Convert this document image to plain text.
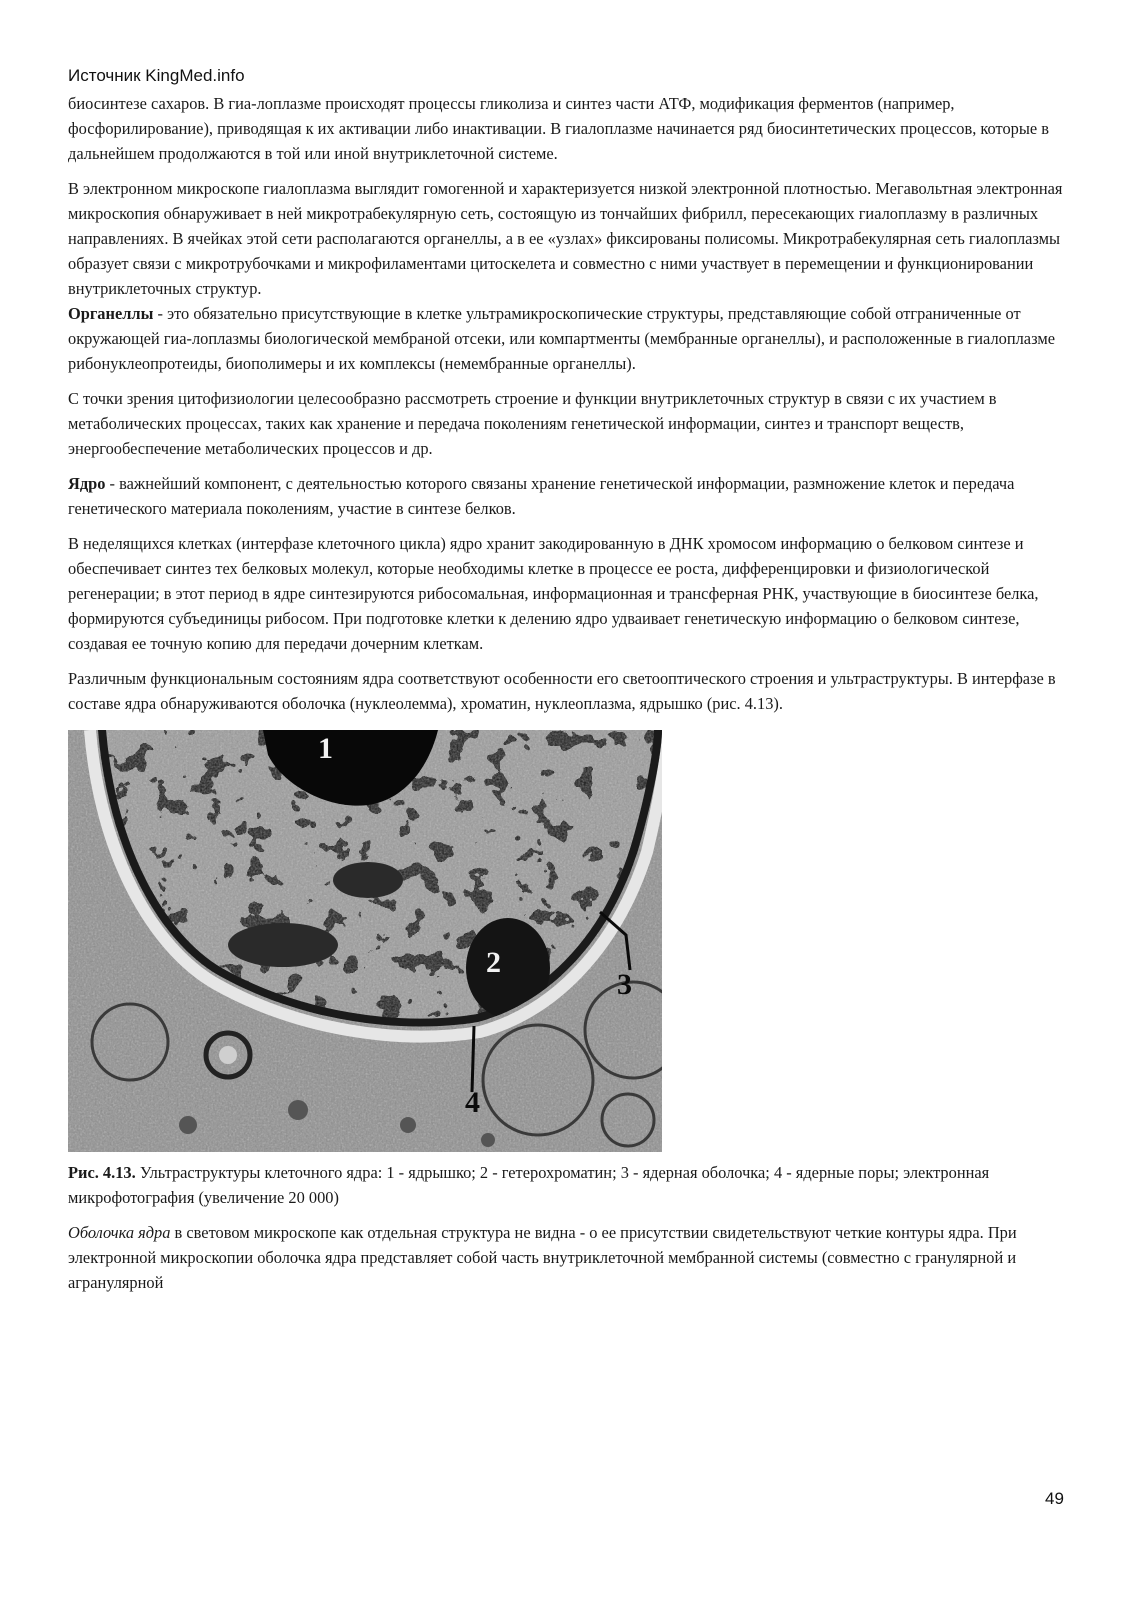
Источник KingMed.info

биосинтезе сахаров. В гиа-лоплазме происходят процессы гликолиза и синтез части АТФ, модификация ферментов (например, фосфорилирование), приводящая к их активации либо инактивации. В гиалоплазме начинается ряд биосинтетических процессов, которые в дальнейшем продолжаются в той или иной внутриклеточной системе.

В электронном микроскопе гиалоплазма выглядит гомогенной и характеризуется низкой электронной плотностью. Мегавольтная электронная микроскопия обнаруживает в ней микротрабекулярную сеть, состоящую из тончайших фибрилл, пересекающих гиалоплазму в различных направлениях. В ячейках этой сети располагаются органеллы, а в ее «узлах» фиксированы полисомы. Микротрабекулярная сеть гиалоплазмы образует связи с микротрубочками и микрофиламентами цитоскелета и совместно с ними участвует в перемещении и функционировании внутриклеточных структур.

Органеллы - это обязательно присутствующие в клетке ультрамикроскопические структуры, представляющие собой отграниченные от окружающей гиа-лоплазмы биологической мембраной отсеки, или компартменты (мембранные органеллы), и расположенные в гиалоплазме рибонуклеопротеиды, биополимеры и их комплексы (немембранные органеллы).

С точки зрения цитофизиологии целесообразно рассмотреть строение и функции внутриклеточных структур в связи с их участием в метаболических процессах, таких как хранение и передача поколениям генетической информации, синтез и транспорт веществ, энергообеспечение метаболических процессов и др.

Ядро - важнейший компонент, с деятельностью которого связаны хранение генетической информации, размножение клеток и передача генетического материала поколениям, участие в синтезе белков.

В неделящихся клетках (интерфазе клеточного цикла) ядро хранит закодированную в ДНК хромосом информацию о белковом синтезе и обеспечивает синтез тех белковых молекул, которые необходимы клетке в процессе ее роста, дифференцировки и физиологической регенерации; в этот период в ядре синтезируются рибосомальная, информационная и трансферная РНК, участвующие в биосинтезе белка, формируются субъединицы рибосом. При подготовке клетки к делению ядро удваивает генетическую информацию о белковом синтезе, создавая ее точную копию для передачи дочерним клеткам.

Различным функциональным состояниям ядра соответствуют особенности его светооптического строения и ультраструктуры. В интерфазе в составе ядра обнаруживаются оболочка (нуклеолемма), хроматин, нуклеоплазма, ядрышко (рис. 4.13).

1
2
3
4

Рис. 4.13. Ультраструктуры клеточного ядра: 1 - ядрышко; 2 - гетерохроматин; 3 - ядерная оболочка; 4 - ядерные поры; электронная микрофотография (увеличение 20 000)

Оболочка ядра в световом микроскопе как отдельная структура не видна - о ее присутствии свидетельствуют четкие контуры ядра. При электронной микроскопии оболочка ядра представляет собой часть внутриклеточной мембранной системы (совместно с гранулярной и агранулярной

49
